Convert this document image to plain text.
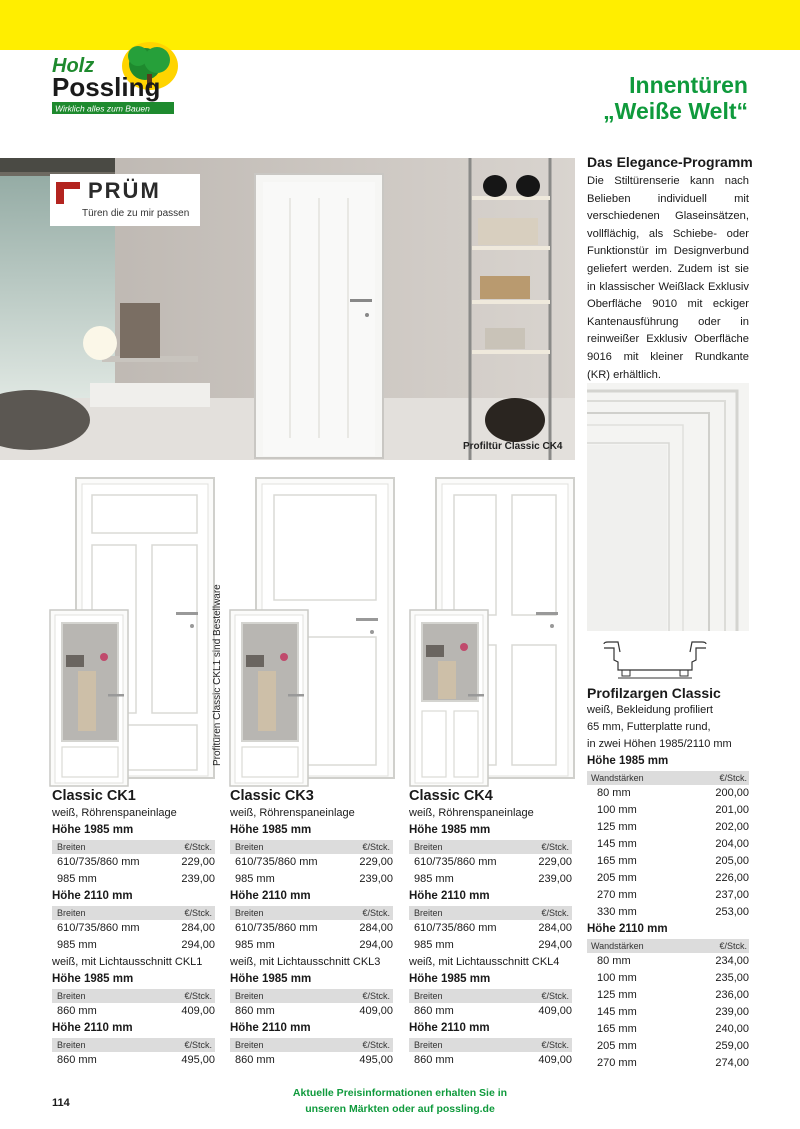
Holz
Possling
Wirklich alles zum Bauen
Innentüren
„Weiße Welt“
PRÜM
Türen die zu mir passen
Profiltür Classic CK4
Das Elegance-Programm

Die Stiltürenserie kann nach Belieben individuell mit verschiedenen Glaseinsätzen, vollflächig, als Schiebe- oder Funktionstür im Designverbund geliefert werden. Zudem ist sie in klassischer Weißlack Exklusiv Oberfläche 9010 mit eckiger Kantenausführung oder in reinweißer Exklusiv Oberfläche 9016 mit kleiner Rundkante (KR) erhältlich.

Profitüren Classic CKL1 sind Bestellware
Classic CK1
weiß, Röhrenspaneinlage
Höhe 1985 mm
Breiten	€/Stck.
610/735/860 mm	229,00
985 mm	239,00
Höhe 2110 mm
Breiten	€/Stck.
610/735/860 mm	284,00
985 mm	294,00
weiß, mit Lichtausschnitt CKL1
Höhe 1985 mm
Breiten	€/Stck.
860 mm	409,00
Höhe 2110 mm
Breiten	€/Stck.
860 mm	495,00
Classic CK3
weiß, Röhrenspaneinlage
Höhe 1985 mm
Breiten	€/Stck.
610/735/860 mm	229,00
985 mm	239,00
Höhe 2110 mm
Breiten	€/Stck.
610/735/860 mm	284,00
985 mm	294,00
weiß, mit Lichtausschnitt CKL3
Höhe 1985 mm
Breiten	€/Stck.
860 mm	409,00
Höhe 2110 mm
Breiten	€/Stck.
860 mm	495,00
Classic CK4
weiß, Röhrenspaneinlage
Höhe 1985 mm
Breiten	€/Stck.
610/735/860 mm	229,00
985 mm	239,00
Höhe 2110 mm
Breiten	€/Stck.
610/735/860 mm	284,00
985 mm	294,00
weiß, mit Lichtausschnitt CKL4
Höhe 1985 mm
Breiten	€/Stck.
860 mm	409,00
Höhe 2110 mm
Breiten	€/Stck.
860 mm	409,00
Profilzargen Classic
weiß, Bekleidung profiliert
65 mm, Futterplatte rund,
in zwei Höhen 1985/2110 mm
Höhe 1985 mm
Wandstärken	€/Stck.
80 mm	200,00
100 mm	201,00
125 mm	202,00
145 mm	204,00
165 mm	205,00
205 mm	226,00
270 mm	237,00
330 mm	253,00
Höhe 2110 mm
Wandstärken	€/Stck.
80 mm	234,00
100 mm	235,00
125 mm	236,00
145 mm	239,00
165 mm	240,00
205 mm	259,00
270 mm	274,00
114
Aktuelle Preisinformationen erhalten Sie in
unseren Märkten oder auf possling.de
